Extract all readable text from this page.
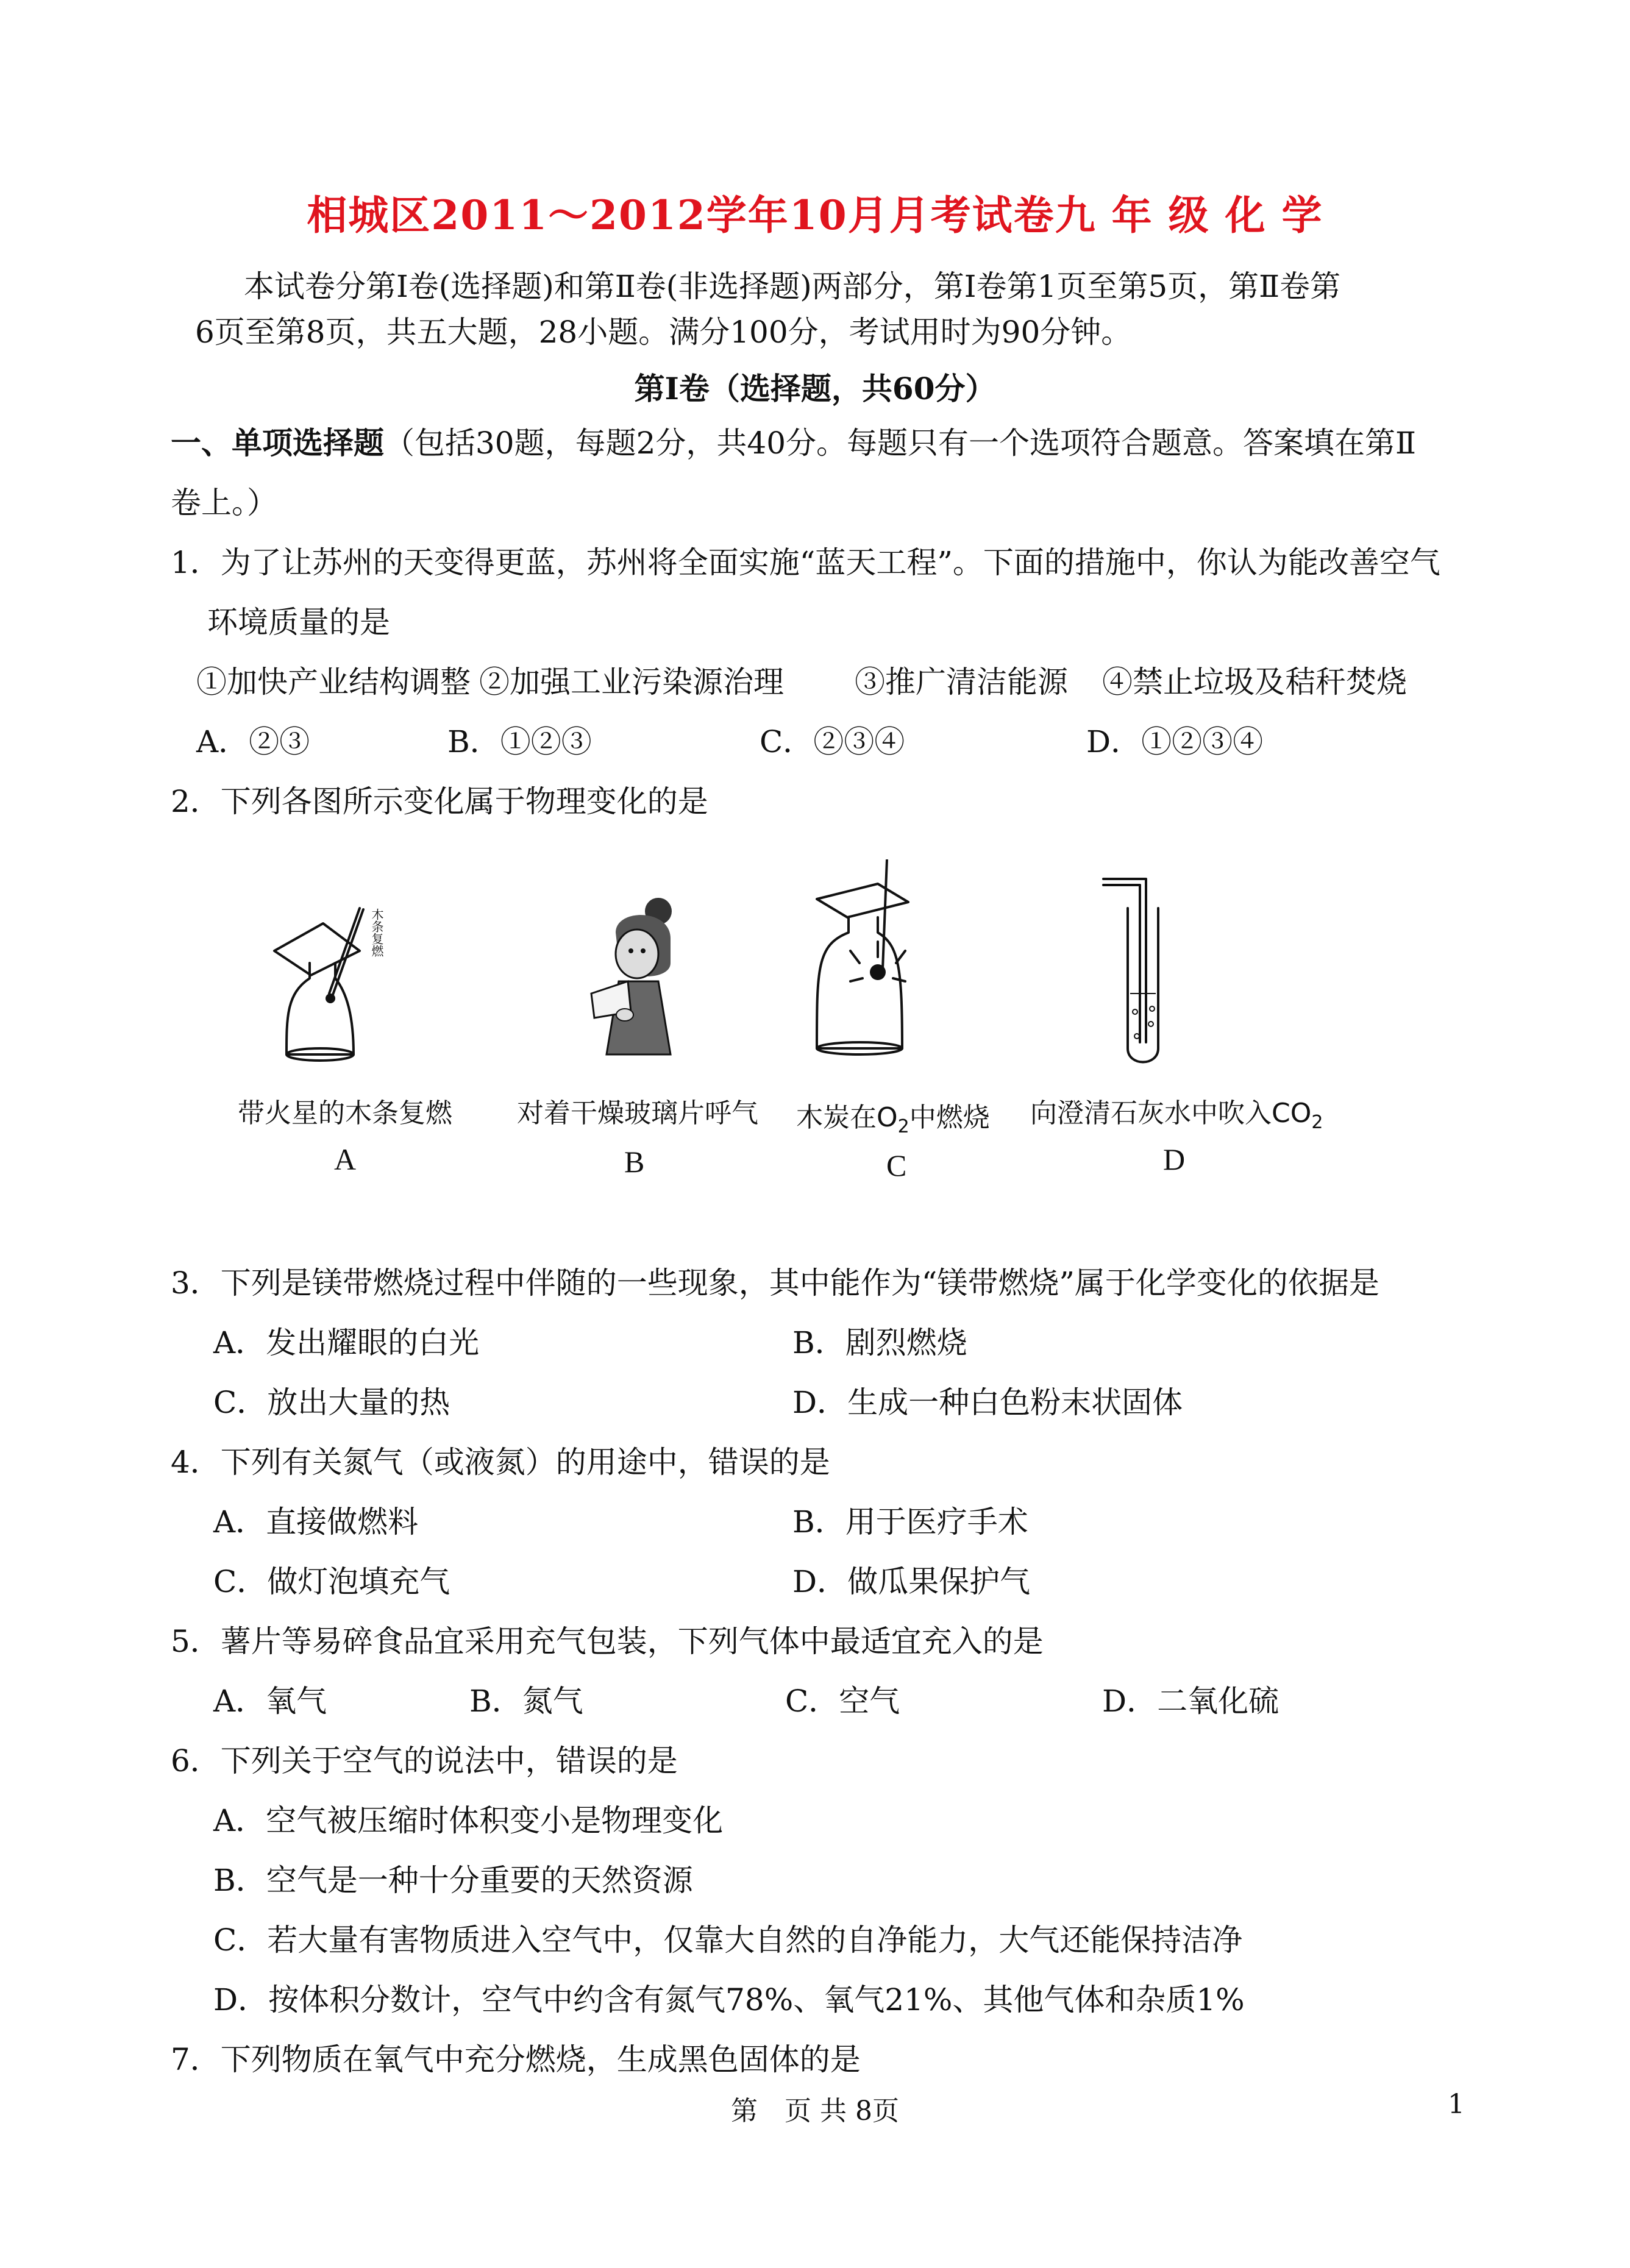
相城区2011～2012学年10月月考试卷九 年 级 化 学
本试卷分第Ⅰ卷(选择题)和第Ⅱ卷(非选择题)两部分，第Ⅰ卷第1页至第5页，第Ⅱ卷第
6页至第8页，共五大题，28小题。满分100分，考试用时为90分钟。
第Ⅰ卷（选择题，共60分）
一、单项选择题（包括30题，每题2分，共40分。每题只有一个选项符合题意。答案填在第Ⅱ
卷上。）
1．为了让苏州的天变得更蓝，苏州将全面实施“蓝天工程”。下面的措施中，你认为能改善空气
环境质量的是
①加快产业结构调整 ②加强工业污染源治理 ③推广清洁能源 ④禁止垃圾及秸秆焚烧
A．②③	B．①②③	C．②③④	D．①②③④
2．下列各图所示变化属于物理变化的是
木条复燃
带火星的木条复燃 对着干燥玻璃片呼气 木炭在$O_2$中燃烧 向澄清石灰水中吹入$CO_2$
A	B	C	D
3．下列是镁带燃烧过程中伴随的一些现象，其中能作为“镁带燃烧”属于化学变化的依据是
A．发出耀眼的白光	B．剧烈燃烧
C．放出大量的热	D．生成一种白色粉末状固体
4．下列有关氮气（或液氮）的用途中，错误的是
A．直接做燃料	B．用于医疗手术
C．做灯泡填充气	D．做瓜果保护气
5．薯片等易碎食品宜采用充气包装，下列气体中最适宜充入的是
A．氧气	B．氮气	C．空气	D．二氧化硫
6．下列关于空气的说法中，错误的是
A．空气被压缩时体积变小是物理变化
B．空气是一种十分重要的天然资源
C．若大量有害物质进入空气中，仅靠大自然的自净能力，大气还能保持洁净
D．按体积分数计，空气中约含有氮气78%、氧气21%、其他气体和杂质1%
7．下列物质在氧气中充分燃烧，生成黑色固体的是
第　页 共 8页	1
